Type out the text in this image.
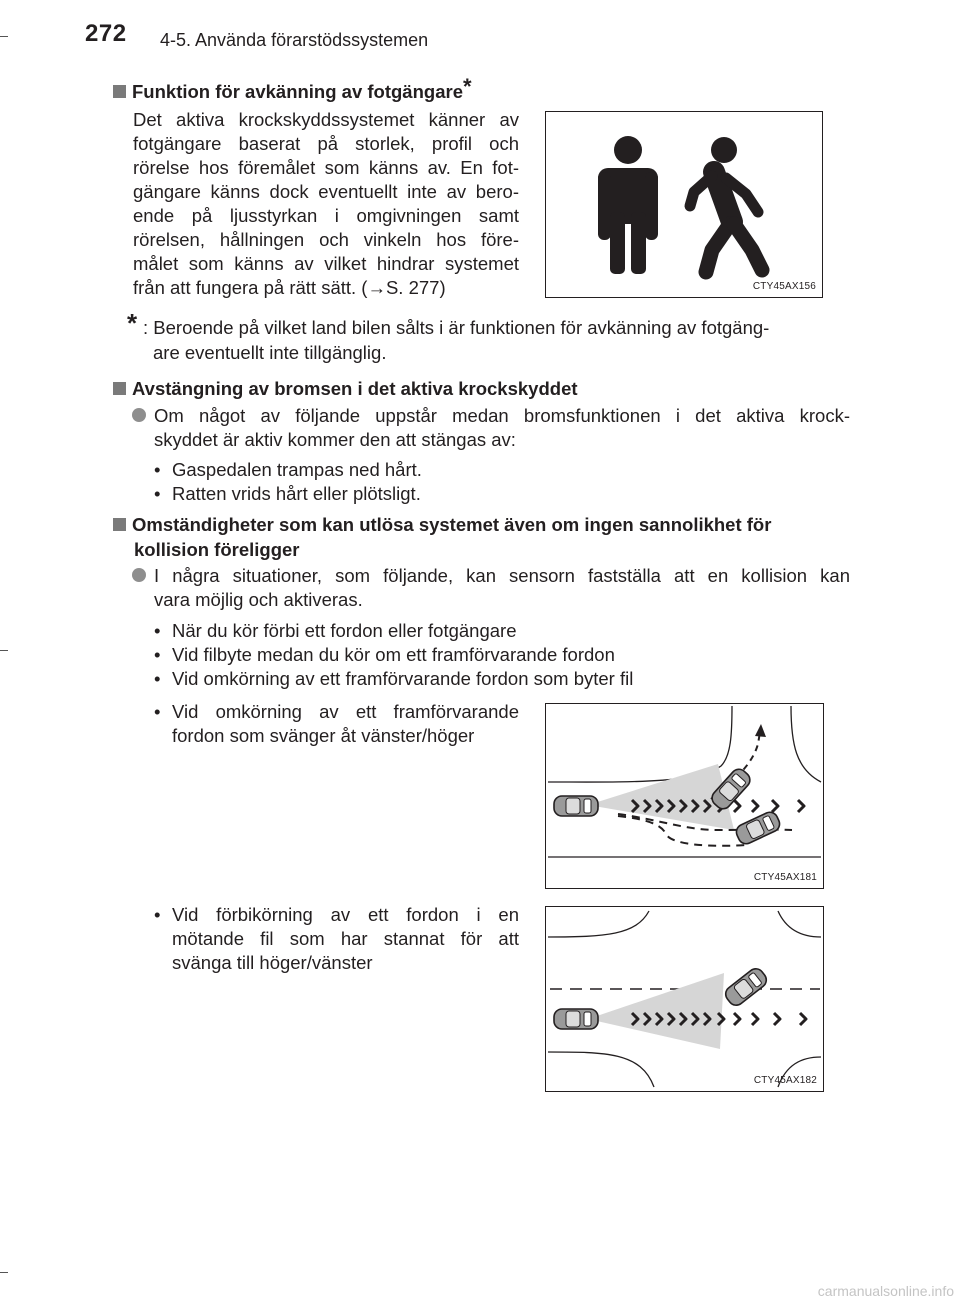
272 4-5. Använda förarstödssystemen
Funktion för avkänning av fotgängare*
Det aktiva krockskyddssystemet känner av
fotgängare baserat på storlek, profil och
rörelse hos föremålet som känns av. En fot-
gängare känns dock eventuellt inte av bero-
ende på ljusstyrkan i omgivningen samt
rörelsen, hållningen och vinkeln hos före-
målet som känns av vilket hindrar systemet
från att fungera på rätt sätt. (→S. 277)	CTY45AX156
* : Beroende på vilket land bilen sålts i är funktionen för avkänning av fotgäng-
are eventuellt inte tillgänglig.
Avstängning av bromsen i det aktiva krockskyddet
Om något av följande uppstår medan bromsfunktionen i det aktiva krock-
skyddet är aktiv kommer den att stängas av:
• Gaspedalen trampas ned hårt.
• Ratten vrids hårt eller plötsligt.
Omständigheter som kan utlösa systemet även om ingen sannolikhet för
kollision föreligger
I några situationer, som följande, kan sensorn fastställa att en kollision kan
vara möjlig och aktiveras.
• När du kör förbi ett fordon eller fotgängare
• Vid filbyte medan du kör om ett framförvarande fordon
• Vid omkörning av ett framförvarande fordon som byter fil
• Vid omkörning av ett framförvarande
fordon som svänger åt vänster/höger
CTY45AX181
• Vid förbikörning av ett fordon i en
mötande fil som har stannat för att
svänga till höger/vänster
CTY45AX182
carmanualsonline.info
